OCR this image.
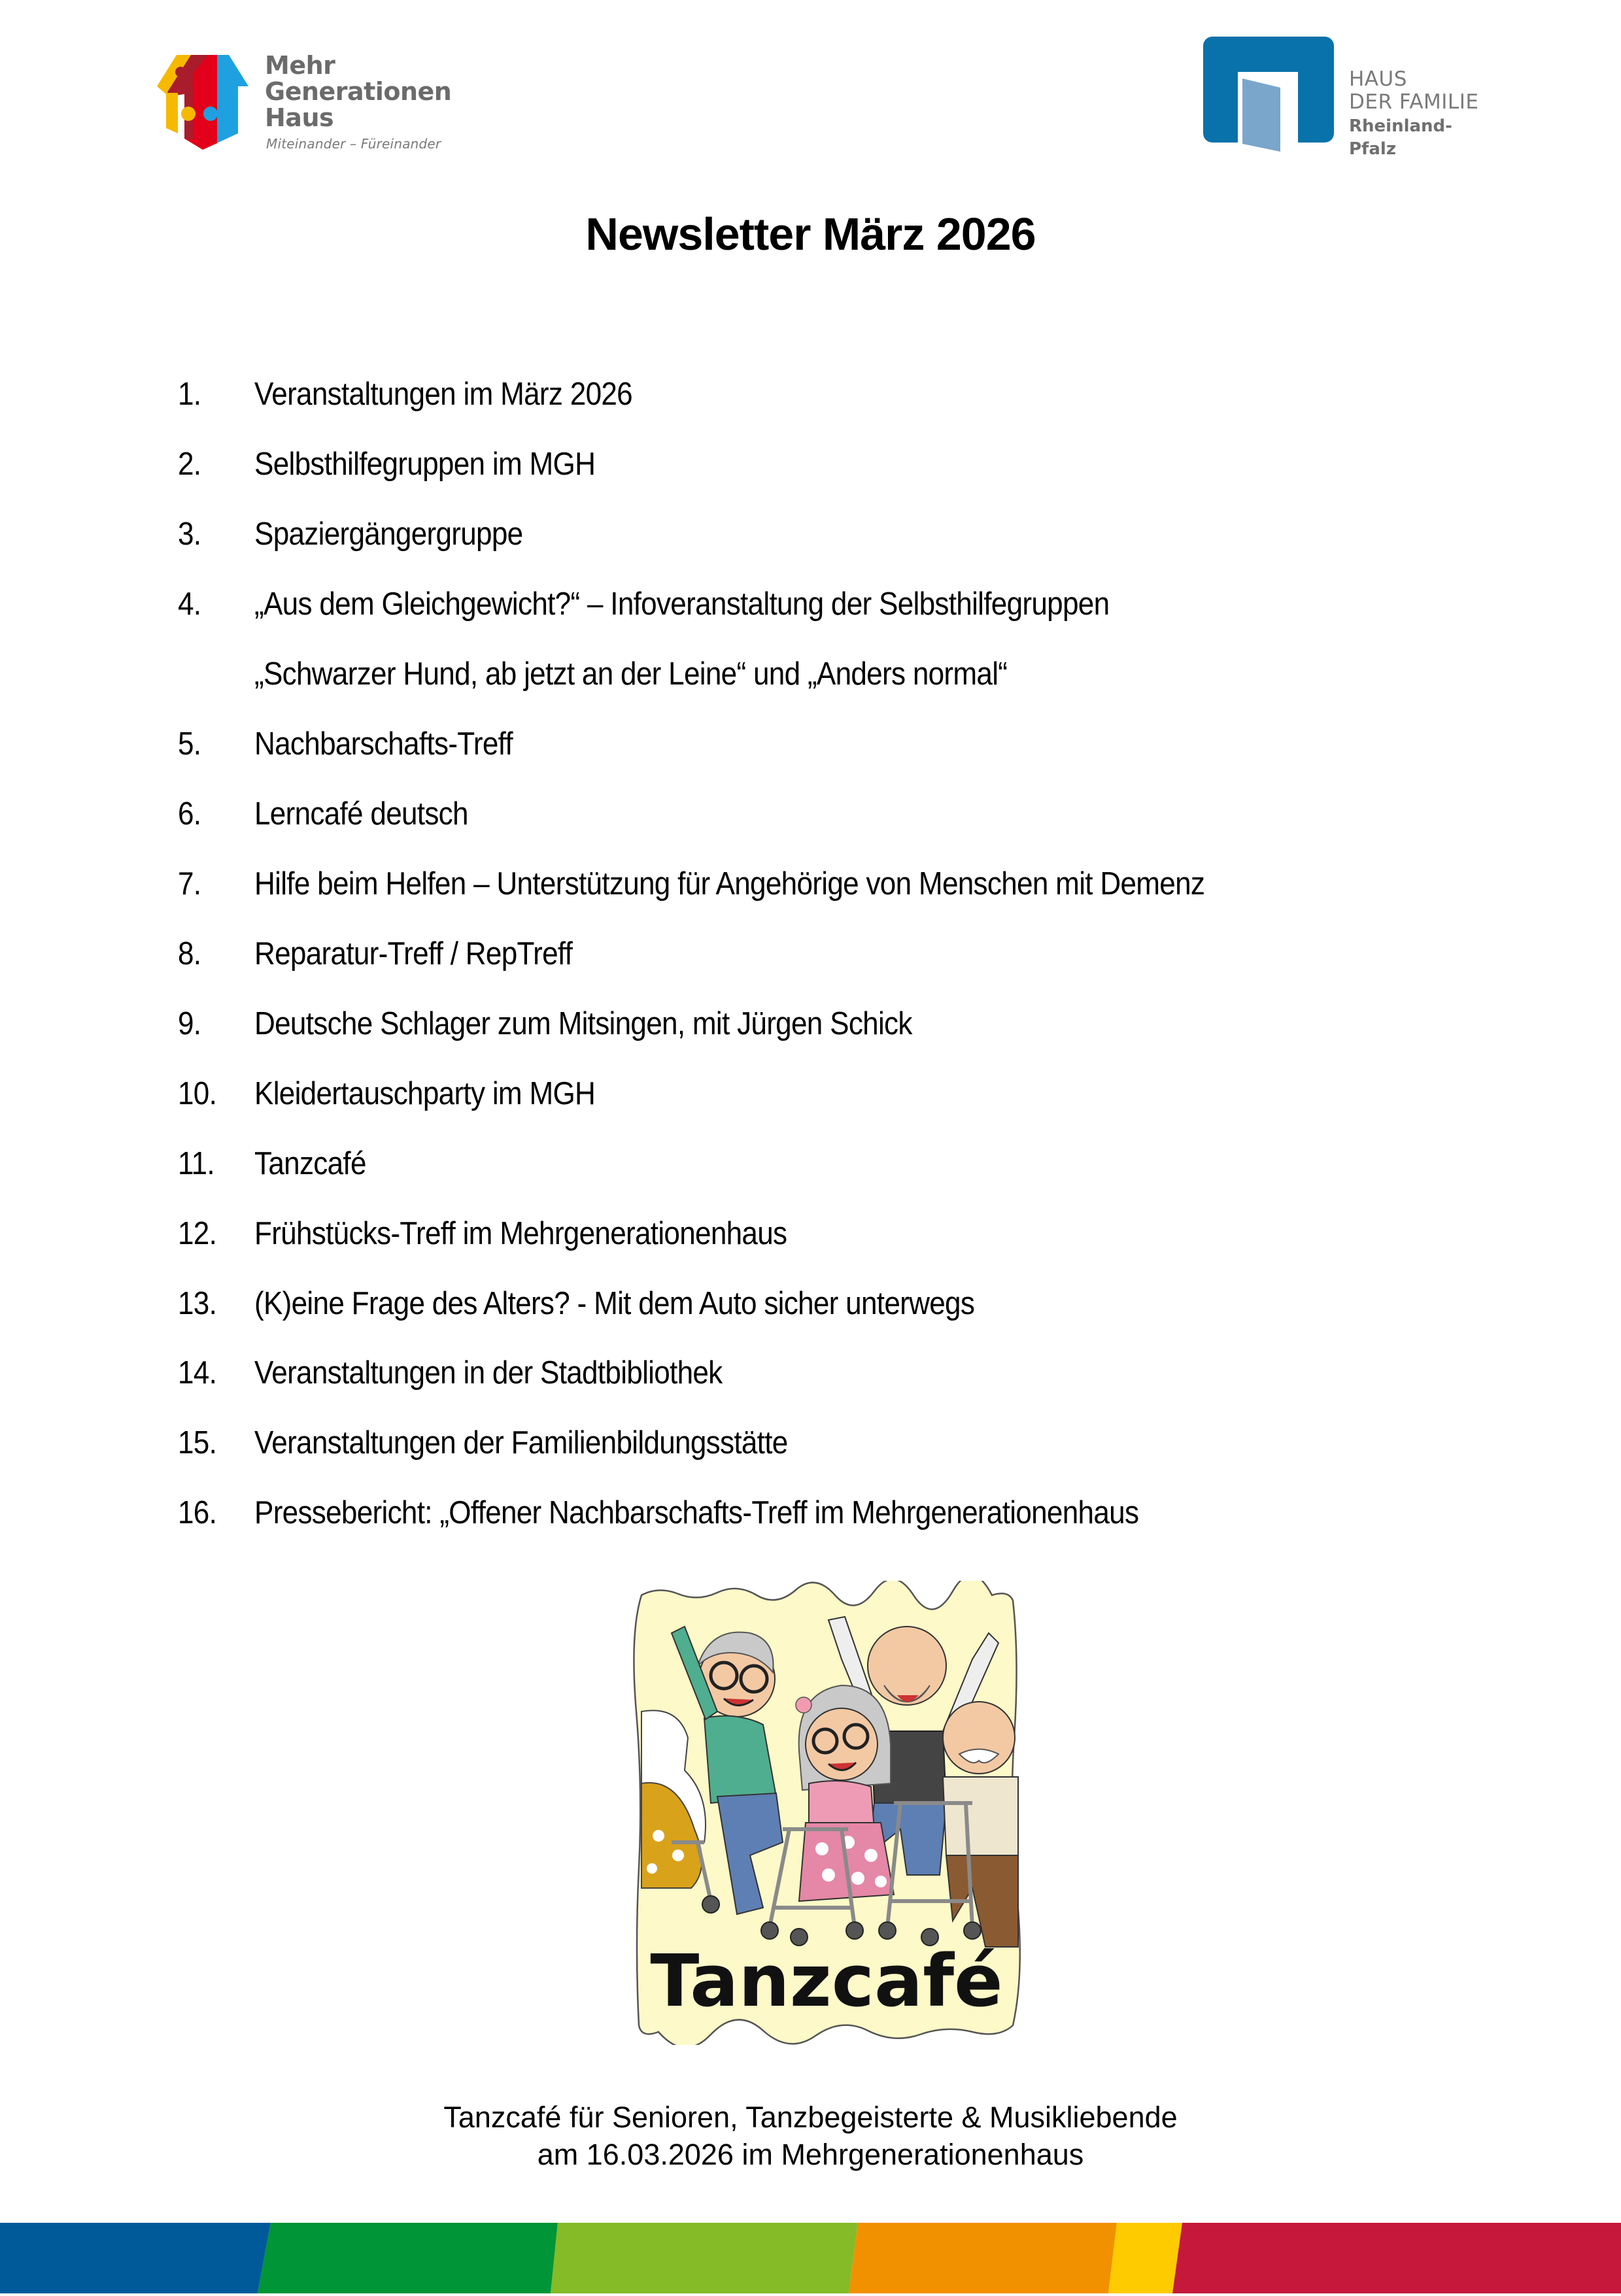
Mehr
Generationen
Haus
Miteinander – Füreinander
HAUS
DER FAMILIE
Rheinland-Pfalz
Newsletter März 2026
1. Veranstaltungen im März 2026
2. Selbsthilfegruppen im MGH
3. Spaziergängergruppe
4. „Aus dem Gleichgewicht?“ – Infoveranstaltung der Selbsthilfegruppen
„Schwarzer Hund, ab jetzt an der Leine“ und „Anders normal“
5. Nachbarschafts-Treff
6. Lerncafé deutsch
7. Hilfe beim Helfen – Unterstützung für Angehörige von Menschen mit Demenz
8. Reparatur-Treff / RepTreff
9. Deutsche Schlager zum Mitsingen, mit Jürgen Schick
10. Kleidertauschparty im MGH
11. Tanzcafé
12. Frühstücks-Treff im Mehrgenerationenhaus
13. (K)eine Frage des Alters? - Mit dem Auto sicher unterwegs
14. Veranstaltungen in der Stadtbibliothek
15. Veranstaltungen der Familienbildungsstätte
16. Pressebericht: „Offener Nachbarschafts-Treff im Mehrgenerationenhaus
Tanzcafé
Tanzcafé für Senioren, Tanzbegeisterte & Musikliebende
am 16.03.2026 im Mehrgenerationenhaus
